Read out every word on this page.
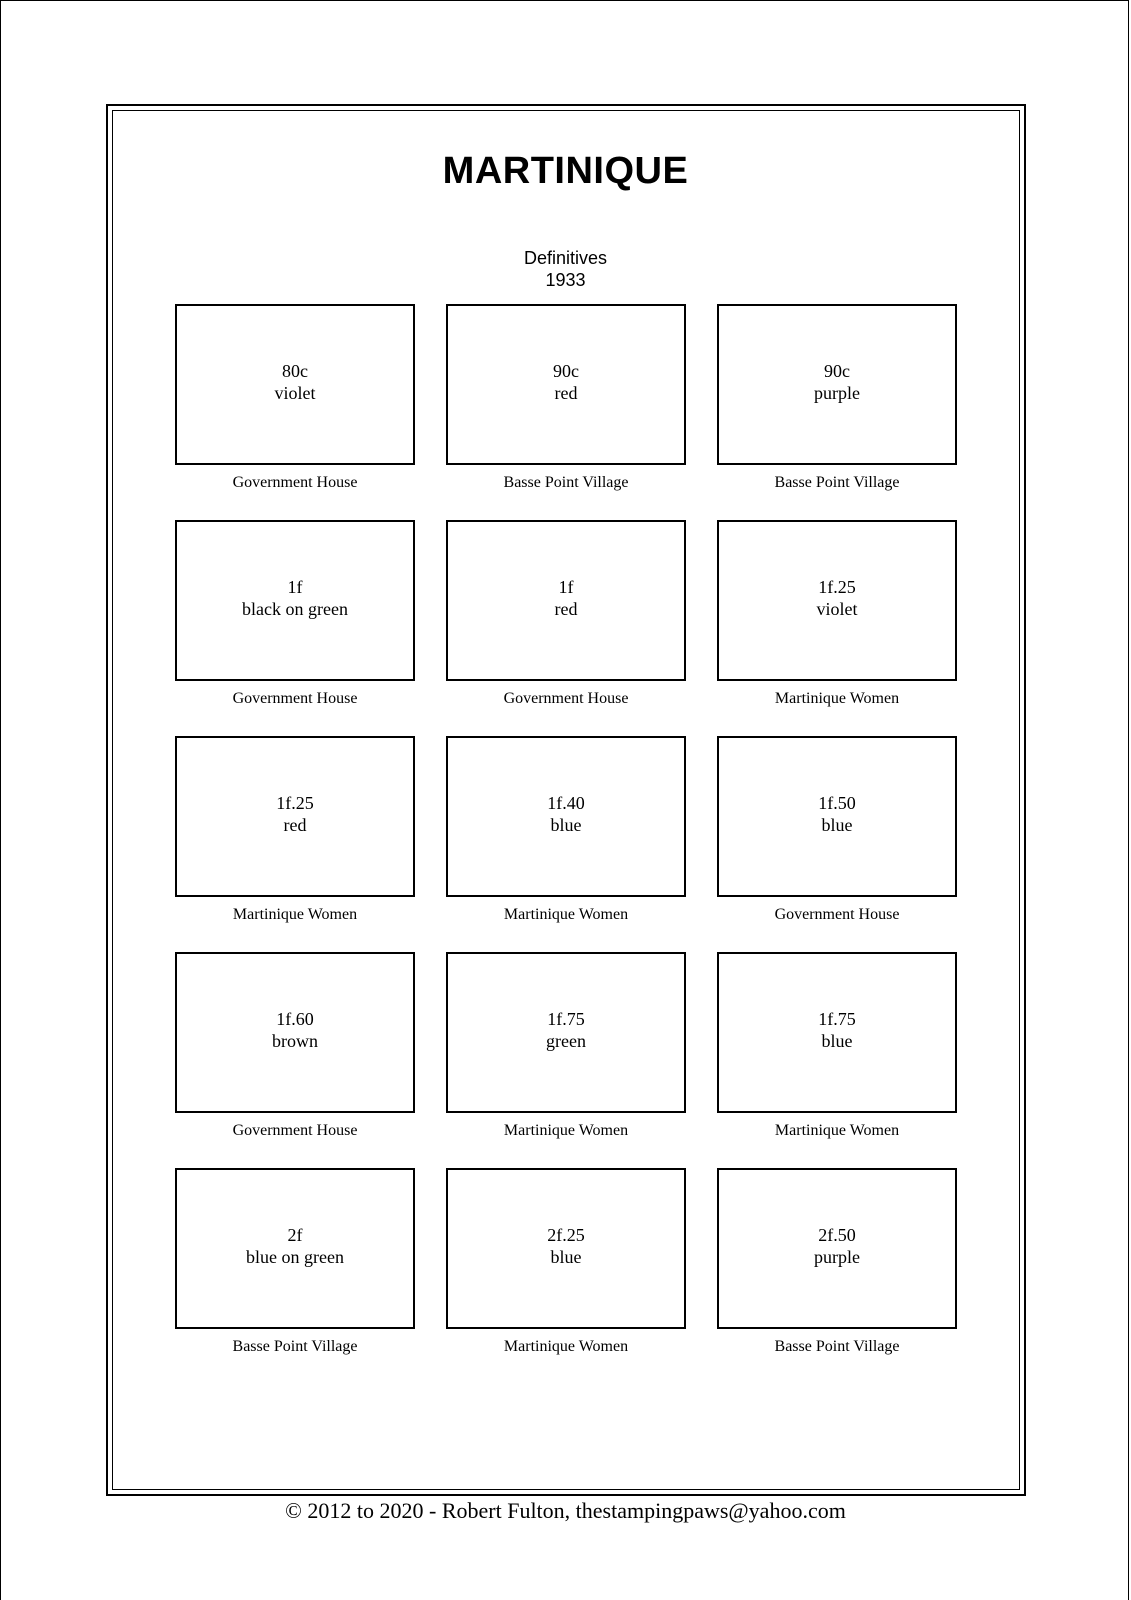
MARTINIQUE
Definitives
1933
80c
violet
Government House
90c
red
Basse Point Village
90c
purple
Basse Point Village
1f
black on green
Government House
1f
red
Government House
1f.25
violet
Martinique Women
1f.25
red
Martinique Women
1f.40
blue
Martinique Women
1f.50
blue
Government House
1f.60
brown
Government House
1f.75
green
Martinique Women
1f.75
blue
Martinique Women
2f
blue on green
Basse Point Village
2f.25
blue
Martinique Women
2f.50
purple
Basse Point Village
© 2012 to 2020 - Robert Fulton, thestampingpaws@yahoo.com
